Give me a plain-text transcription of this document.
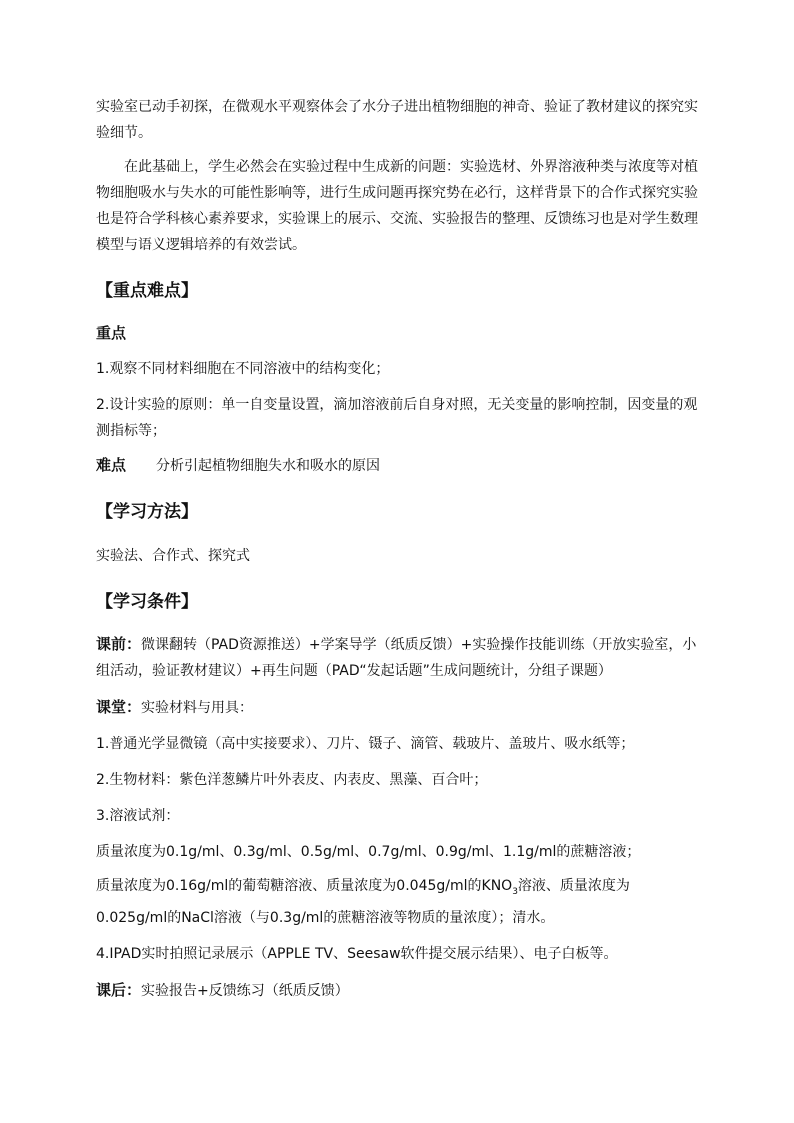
实验室已动手初探，在微观水平观察体会了水分子进出植物细胞的神奇、验证了教材建议的探究实验细节。

在此基础上，学生必然会在实验过程中生成新的问题：实验选材、外界溶液种类与浓度等对植物细胞吸水与失水的可能性影响等，进行生成问题再探究势在必行，这样背景下的合作式探究实验也是符合学科核心素养要求，实验课上的展示、交流、实验报告的整理、反馈练习也是对学生数理模型与语义逻辑培养的有效尝试。

【重点难点】

重点

1.观察不同材料细胞在不同溶液中的结构变化；

2.设计实验的原则：单一自变量设置，滴加溶液前后自身对照，无关变量的影响控制，因变量的观测指标等；

难点 分析引起植物细胞失水和吸水的原因

【学习方法】

实验法、合作式、探究式

【学习条件】

课前：微课翻转（PAD资源推送）+学案导学（纸质反馈）+实验操作技能训练（开放实验室，小组活动，验证教材建议）+再生问题（PAD“发起话题”生成问题统计，分组子课题）

课堂：实验材料与用具：

1.普通光学显微镜（高中实接要求）、刀片、镊子、滴管、载玻片、盖玻片、吸水纸等；

2.生物材料：紫色洋葱鳞片叶外表皮、内表皮、黑藻、百合叶；

3.溶液试剂：

质量浓度为0.1g/ml、0.3g/ml、0.5g/ml、0.7g/ml、0.9g/ml、1.1g/ml的蔗糖溶液；

质量浓度为0.16g/ml的葡萄糖溶液、质量浓度为0.045g/ml的$KNO_3$溶液、质量浓度为0.025g/ml的NaCl溶液（与0.3g/ml的蔗糖溶液等物质的量浓度）；清水。

4.IPAD实时拍照记录展示（APPLE TV、Seesaw软件提交展示结果）、电子白板等。

课后：实验报告+反馈练习（纸质反馈）
